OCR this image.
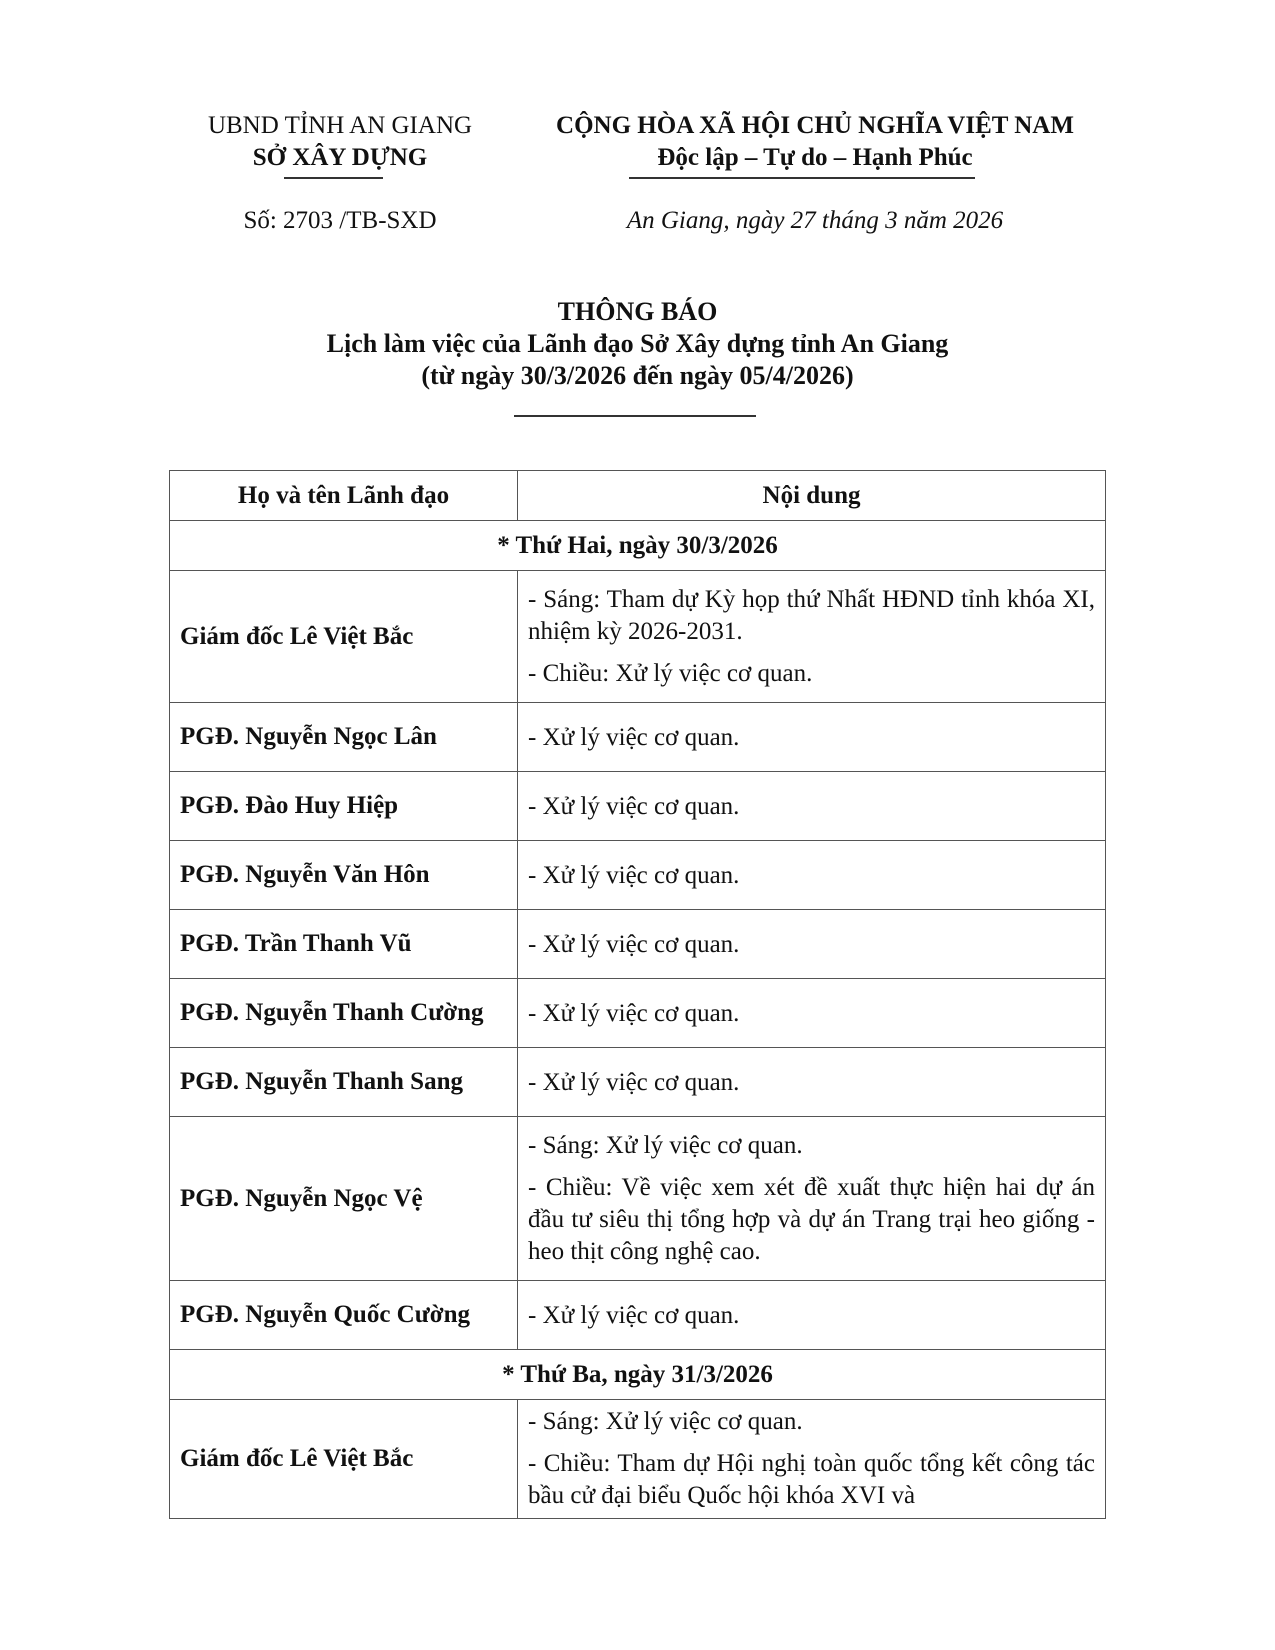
UBND TỈNH AN GIANG
SỞ XÂY DỰNG
CỘNG HÒA XÃ HỘI CHỦ NGHĨA VIỆT NAM
Độc lập – Tự do – Hạnh Phúc
Số: 2703 /TB-SXD	An Giang, ngày 27 tháng 3 năm 2026
THÔNG BÁO
Lịch làm việc của Lãnh đạo Sở Xây dựng tỉnh An Giang
(từ ngày 30/3/2026 đến ngày 05/4/2026)
Họ và tên Lãnh đạo	Nội dung
* Thứ Hai, ngày 30/3/2026	
Giám đốc Lê Việt Bắc	- Sáng: Tham dự Kỳ họp thứ Nhất HĐND tỉnh khóa XI, nhiệm kỳ 2026-2031.

- Chiều: Xử lý việc cơ quan.

PGĐ. Nguyễn Ngọc Lân	- Xử lý việc cơ quan.

PGĐ. Đào Huy Hiệp	- Xử lý việc cơ quan.

PGĐ. Nguyễn Văn Hôn	- Xử lý việc cơ quan.

PGĐ. Trần Thanh Vũ	- Xử lý việc cơ quan.

PGĐ. Nguyễn Thanh Cường	- Xử lý việc cơ quan.

PGĐ. Nguyễn Thanh Sang	- Xử lý việc cơ quan.

PGĐ. Nguyễn Ngọc Vệ	- Sáng: Xử lý việc cơ quan.

- Chiều: Về việc xem xét đề xuất thực hiện hai dự án đầu tư siêu thị tổng hợp và dự án Trang trại heo giống - heo thịt công nghệ cao.

PGĐ. Nguyễn Quốc Cường	- Xử lý việc cơ quan.

* Thứ Ba, ngày 31/3/2026	
Giám đốc Lê Việt Bắc	- Sáng: Xử lý việc cơ quan.

- Chiều: Tham dự Hội nghị toàn quốc tổng kết công tác bầu cử đại biểu Quốc hội khóa XVI và
